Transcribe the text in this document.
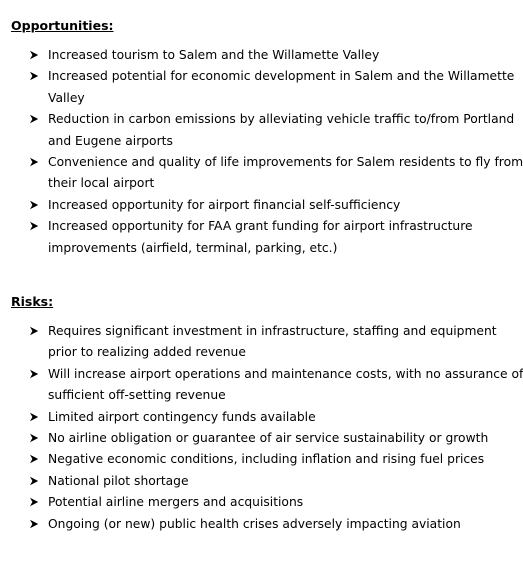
Opportunities:
Increased tourism to Salem and the Willamette Valley
Increased potential for economic development in Salem and the Willamette
Valley
Reduction in carbon emissions by alleviating vehicle traffic to/from Portland
and Eugene airports
Convenience and quality of life improvements for Salem residents to fly from
their local airport
Increased opportunity for airport financial self-sufficiency
Increased opportunity for FAA grant funding for airport infrastructure
improvements (airfield, terminal, parking, etc.)
Risks:
Requires significant investment in infrastructure, staffing and equipment
prior to realizing added revenue
Will increase airport operations and maintenance costs, with no assurance of
sufficient off-setting revenue
Limited airport contingency funds available
No airline obligation or guarantee of air service sustainability or growth
Negative economic conditions, including inflation and rising fuel prices
National pilot shortage
Potential airline mergers and acquisitions
Ongoing (or new) public health crises adversely impacting aviation
